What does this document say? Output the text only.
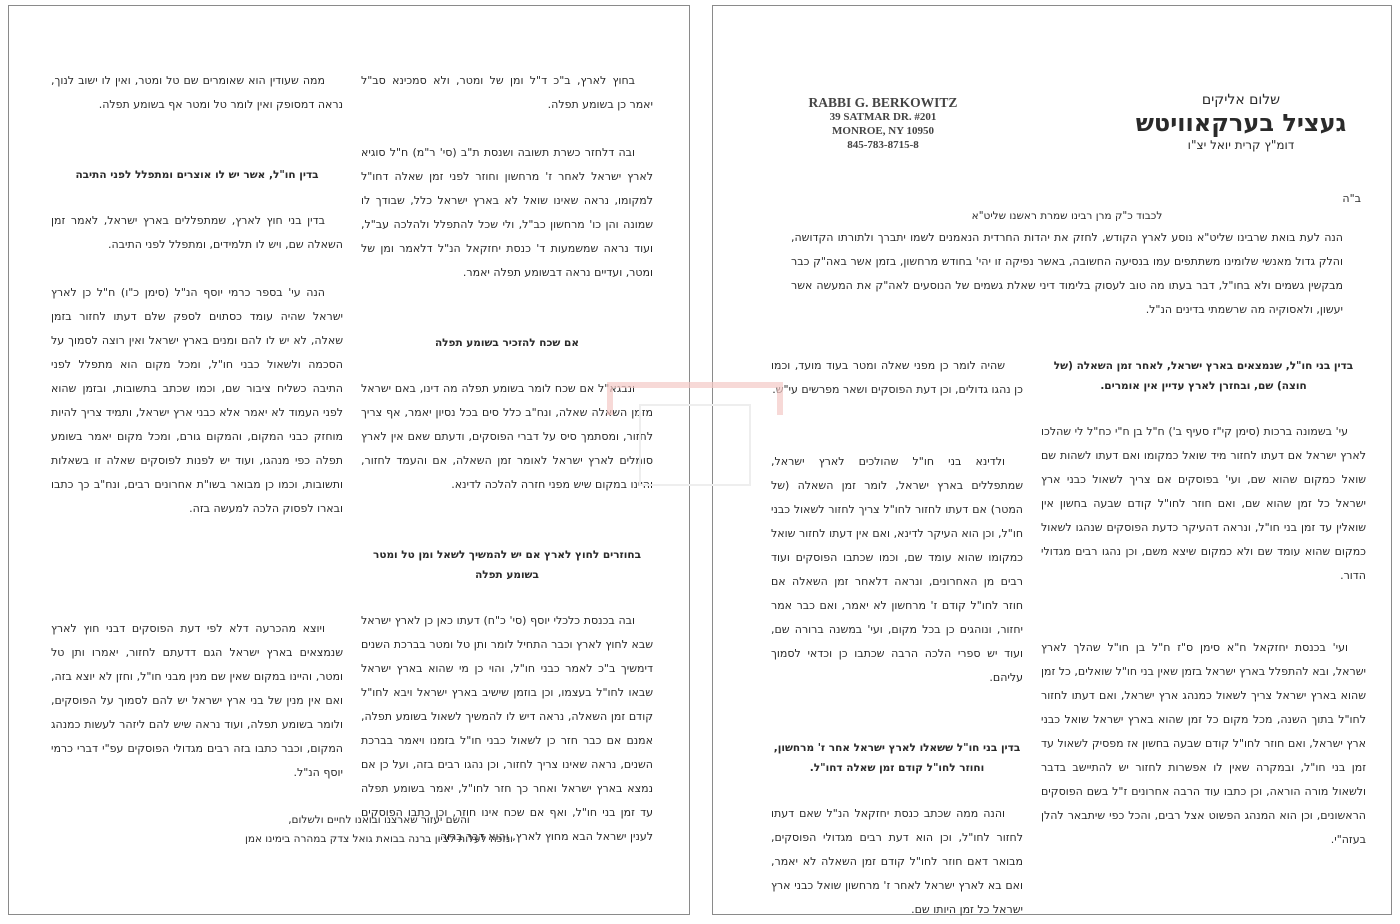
בחוץ לארץ, ב"כ ד"ל ומן של ומטר, ולא סמכינא סב"ל יאמר כן בשומע תפלה.
ובה דלחזר כשרת תשובה ושנסת ת"ב (סי' ר"מ) ח"ל סוגיא לארץ ישראל לאחר ז' מרחשון וחוזר לפני זמן שאלה דחו"ל למקומו, נראה שאינו שואל לא בארץ ישראל כלל, שבודך לו שמונה והן כו' מרחשון כב"ל, ולי שכל להתפלל ולהלכה עב"ל, ועוד נראה שמשמעות ד' כנסת יחזקאל הנ"ל דלאמר ומן של ומטר, ועדיים נראה דבשומע תפלה יאמר.
אם שכח להזכיר בשומע תפלה
ונבגא"ל אם שכח לומר בשומע תפלה מה דינו, באם ישראל מזמן השאלה שאלה, ונח"ב כלל סים בכל נסיון יאמר, אף צריך לחזור, ומסתמך סיס על דברי הפוסקים, ודעתם שאם אין לארץ סומלים לארץ ישראל לאומר זמן השאלה, אם והעמד לחזור, והיינו במקום שיש מפני חזרה להלכה לדינא.
בחוזרים לחוץ לארץ אם יש להמשיך לשאל ומן טל ומטר בשומע תפלה
ובה בכנסת כלכלי יוסף (סי' כ"ח) דעתו כאן כן לארץ ישראל שבא לחוץ לארץ וכבר התחיל לומר ותן טל ומטר בברכת השנים דימשיך ב"כ לאמר כבני חו"ל, והוי כן מי שהוא בארץ ישראל שבאו לחו"ל בעצמו, וכן בוזמן שישיב בארץ ישראל ויבא לחו"ל קודם זמן השאלה, נראה דיש לו להמשיך לשאול בשומע תפלה, אמנם אם כבר חזר כן לשאול כבני חו"ל בזמנו ויאמר בברכת השנים, נראה שאינו צריך לחזור, וכן נהגו רבים בזה, ועל כן אם נמצא בארץ ישראל ואחר כך חזר לחו"ל, יאמר בשומע תפלה עד זמן בני חו"ל, ואף אם שכח אינו חוזר, וכן כתבו הפוסקים לענין ישראל הבא מחוץ לארץ, והוא דבר ברור.
ממה שעודין הוא שאומרים שם טל ומטר, ואין לו ישוב לנוך, נראה דמסופק ואין לומר טל ומטר אף בשומע תפלה.
בדין חו"ל, אשר יש לו אוצרים ומתפלל לפני התיבה
בדין בני חוץ לארץ, שמתפללים בארץ ישראל, לאמר זמן השאלה שם, ויש לו תלמידים, ומתפלל לפני התיבה.
הנה עי' בספר כרמי יוסף הנ"ל (סימן כ"ו) ח"ל כן לארץ ישראל שהיה עומד כסתוים לספק שלם דעתו לחזור בזמן שאלה, לא יש לו להם ומנים בארץ ישראל ואין רוצה לסמוך על הסכמה ולשאול כבני חו"ל, ומכל מקום הוא מתפלל לפני התיבה כשליח ציבור שם, וכמו שכתב בתשובות, ובזמן שהוא לפני העמוד לא יאמר אלא כבני ארץ ישראל, ותמיד צריך להיות מוחזק כבני המקום, והמקום גורם, ומכל מקום יאמר בשומע תפלה כפי מנהגו, ועוד יש לפנות לפוסקים שאלה זו בשאלות ותשובות, וכמו כן מבואר בשו"ת אחרונים רבים, ונח"ב כך כתבו ובארו לפסוק הלכה למעשה בזה.
ויוצא מהכרעה דלא לפי דעת הפוסקים דבני חוץ לארץ שנמצאים בארץ ישראל הגם דדעתם לחזור, יאמרו ותן טל ומטר, והיינו במקום שאין שם מנין מבני חו"ל, וחזן לא יוצא בזה, ואם אין מנין של בני ארץ ישראל יש להם לסמוך על הפוסקים, ולומר בשומע תפלה, ועוד נראה שיש להם ליזהר לעשות כמנהג המקום, וכבר כתבו בזה רבים מגדולי הפוסקים עפ"י דברי כרמי יוסף הנ"ל.
והשם יעזור שארצנו ובואנו לחיים ולשלום,
ונזכה לעלות לציון ברנה בבואת גואל צדק במהרה בימינו אמן
שלום אליקים
געציל בערקאוויטש
דומ"ץ קרית יואל יצ"ו
RABBI G. BERKOWITZ
39 SATMAR DR. #201
MONROE, NY 10950
845-783-8715-8
ב"ה
לכבוד כ"ק מרן רבינו שמרת ראשנו שליט"א
הנה לעת בואת שרבינו שליט"א נוסע לארץ הקודש, לחזק את יהדות החרדית הנאמנים לשמו יתברך ולתורתו הקדושה, והלק גדול מאנשי שלומינו משתתפים עמו בנסיעה החשובה, באשר נפיקה זו יהי' בחודש מרחשון, בזמן אשר באה"ק כבר מבקשין גשמים ולא בחו"ל, דבר בעתו מה טוב לעסוק בלימוד דיני שאלת גשמים של הנוסעים לאה"ק את המעשה אשר יעשון, ולאסוקיה מה שרשמתי בדינים הנ"ל.
בדין בני חו"ל, שנמצאים בארץ ישראל, לאחר זמן השאלה (של חוצה) שם, ובחזרן לארץ עדיין אין אומרים.
עי' בשמונה ברכות (סימן קי"ז סעיף ב') ח"ל בן ח"י כח"ל לי שהלכו לארץ ישראל אם דעתו לחזור מיד שואל כמקומו ואם דעתו לשהות שם שואל כמקום שהוא שם, ועי' בפוסקים אם צריך לשאול כבני ארץ ישראל כל זמן שהוא שם, ואם חוזר לחו"ל קודם שבעה בחשון אין שואלין עד זמן בני חו"ל, ונראה דהעיקר כדעת הפוסקים שנהגו לשאול כמקום שהוא עומד שם ולא כמקום שיצא משם, וכן נהגו רבים מגדולי הדור.
ועי' בכנסת יחזקאל ח"א סימן ס"ז ח"ל בן חו"ל שהלך לארץ ישראל, ובא להתפלל בארץ ישראל בזמן שאין בני חו"ל שואלים, כל זמן שהוא בארץ ישראל צריך לשאול כמנהג ארץ ישראל, ואם דעתו לחזור לחו"ל בתוך השנה, מכל מקום כל זמן שהוא בארץ ישראל שואל כבני ארץ ישראל, ואם חוזר לחו"ל קודם שבעה בחשון אז מפסיק לשאול עד זמן בני חו"ל, ובמקרה שאין לו אפשרות לחזור יש להתיישב בדבר ולשאול מורה הוראה, וכן כתבו עוד הרבה אחרונים ז"ל בשם הפוסקים הראשונים, וכן הוא המנהג הפשוט אצל רבים, והכל כפי שיתבאר להלן בעזה"י.
שהיה לומר כן מפני שאלה ומטר בעוד מועד, וכמו כן נהגו גדולים, וכן דעת הפוסקים ושאר מפרשים עי"ש.
ולדינא בני חו"ל שהולכים לארץ ישראל, שמתפללים בארץ ישראל, לומר זמן השאלה (של המטר) אם דעתו לחזור לחו"ל צריך לחזור לשאול כבני חו"ל, וכן הוא העיקר לדינא, ואם אין דעתו לחזור שואל כמקומו שהוא עומד שם, וכמו שכתבו הפוסקים ועוד רבים מן האחרונים, ונראה דלאחר זמן השאלה אם חוזר לחו"ל קודם ז' מרחשון לא יאמר, ואם כבר אמר יחזור, ונוהגים כן בכל מקום, ועי' במשנה ברורה שם, ועוד יש ספרי הלכה הרבה שכתבו כן וכדאי לסמוך עליהם.
בדין בני חו"ל ששאלו לארץ ישראל אחר ז' מרחשון, וחוזר לחו"ל קודם זמן שאלה דחו"ל.
והנה ממה שכתב כנסת יחזקאל הנ"ל שאם דעתו לחזור לחו"ל, וכן הוא דעת רבים מגדולי הפוסקים, מבואר דאם חוזר לחו"ל קודם זמן השאלה לא יאמר, ואם בא לארץ ישראל לאחר ז' מרחשון שואל כבני ארץ ישראל כל זמן היותו שם.
